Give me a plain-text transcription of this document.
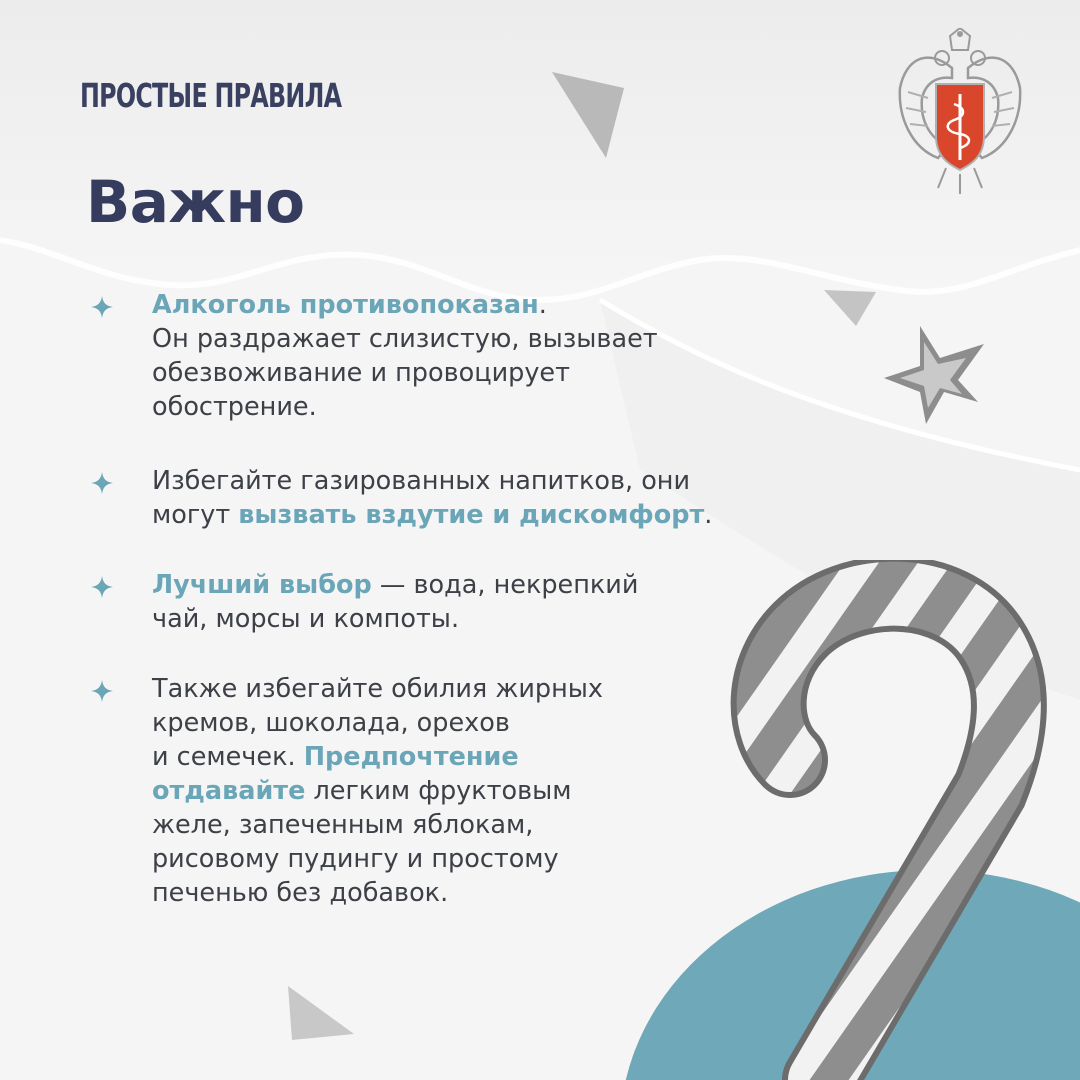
ПРОСТЫЕ ПРАВИЛА
Важно
Алкоголь противопоказан.
Он раздражает слизистую, вызывает
обезвоживание и провоцирует
обострение.
Избегайте газированных напитков, они
могут вызвать вздутие и дискомфорт.
Лучший выбор — вода, некрепкий
чай, морсы и компоты.
Также избегайте обилия жирных
кремов, шоколада, орехов
и семечек. Предпочтение
отдавайте легким фруктовым
желе, запеченным яблокам,
рисовому пудингу и простому
печенью без добавок.
